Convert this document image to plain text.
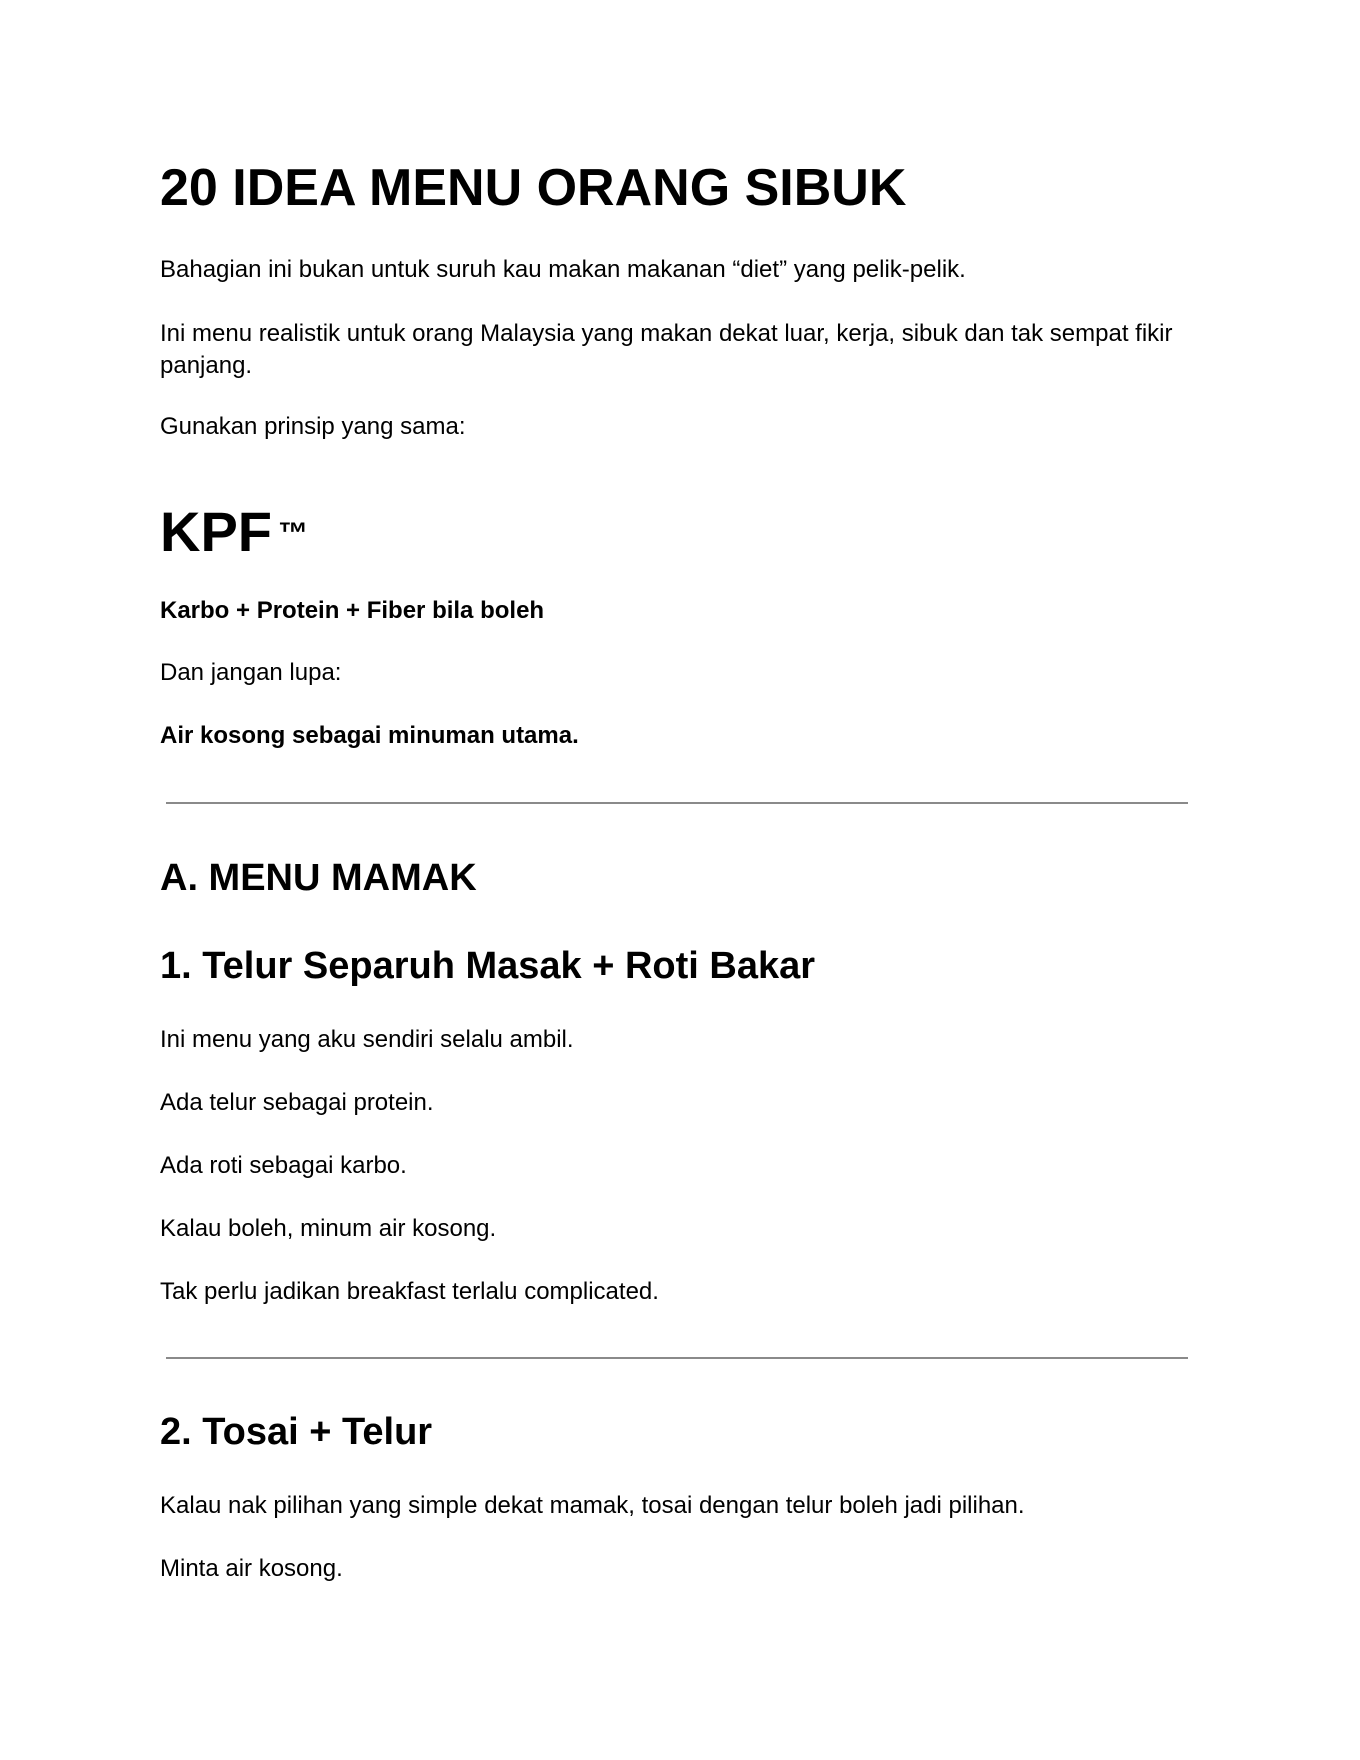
20 IDEA MENU ORANG SIBUK

Bahagian ini bukan untuk suruh kau makan makanan “diet” yang pelik-pelik.

Ini menu realistik untuk orang Malaysia yang makan dekat luar, kerja, sibuk dan tak sempat fikir panjang.

Gunakan prinsip yang sama:

KPF ™

Karbo + Protein + Fiber bila boleh

Dan jangan lupa:

Air kosong sebagai minuman utama.

A. MENU MAMAK
1. Telur Separuh Masak + Roti Bakar

Ini menu yang aku sendiri selalu ambil.

Ada telur sebagai protein.

Ada roti sebagai karbo.

Kalau boleh, minum air kosong.

Tak perlu jadikan breakfast terlalu complicated.

2. Tosai + Telur

Kalau nak pilihan yang simple dekat mamak, tosai dengan telur boleh jadi pilihan.

Minta air kosong.
